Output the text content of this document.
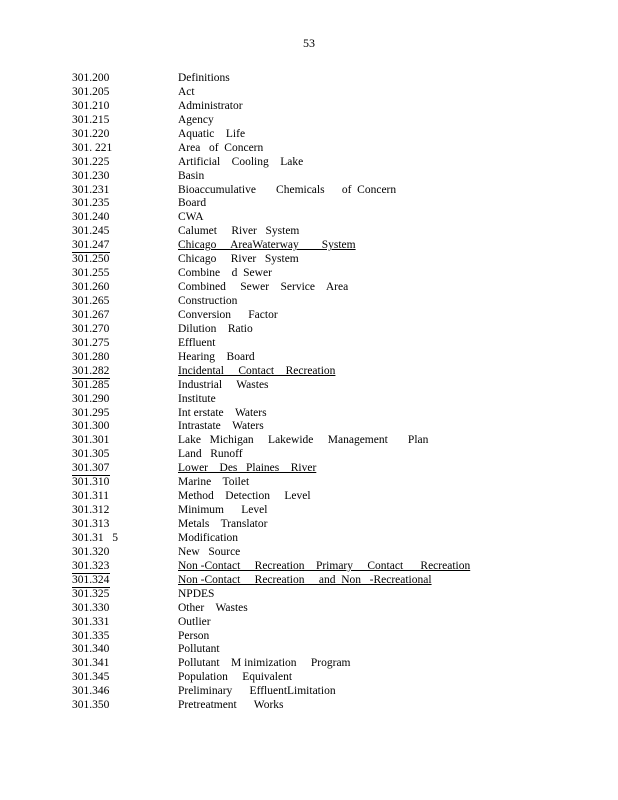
53
301.200	Definitions
301.205	Act
301.210	Administrator
301.215	Agency
301.220	Aquatic    Life
301. 221	Area   of  Concern
301.225	Artificial    Cooling    Lake
301.230	Basin
301.231	Bioaccumulative       Chemicals      of  Concern
301.235	Board
301.240	CWA
301.245	Calumet     River   System
301.247	Chicago     AreaWaterway        System
301.250	Chicago     River   System
301.255	Combine    d  Sewer
301.260	Combined     Sewer    Service    Area
301.265	Construction
301.267	Conversion      Factor
301.270	Dilution    Ratio
301.275	Effluent
301.280	Hearing    Board
301.282	Incidental     Contact    Recreation
301.285	Industrial     Wastes
301.290	Institute
301.295	Int erstate    Waters
301.300	Intrastate    Waters
301.301	Lake   Michigan     Lakewide     Management       Plan
301.305	Land   Runoff
301.307	Lower    Des   Plaines    River
301.310	Marine    Toilet
301.311	Method    Detection     Level
301.312	Minimum      Level
301.313	Metals    Translator
301.31   5	Modification
301.320	New   Source
301.323	Non -Contact     Recreation    Primary     Contact      Recreation
301.324	Non -Contact     Recreation     and  Non   -Recreational
301.325	NPDES
301.330	Other    Wastes
301.331	Outlier
301.335	Person
301.340	Pollutant
301.341	Pollutant    M inimization     Program
301.345	Population     Equivalent
301.346	Preliminary      EffluentLimitation
301.350	Pretreatment      Works
